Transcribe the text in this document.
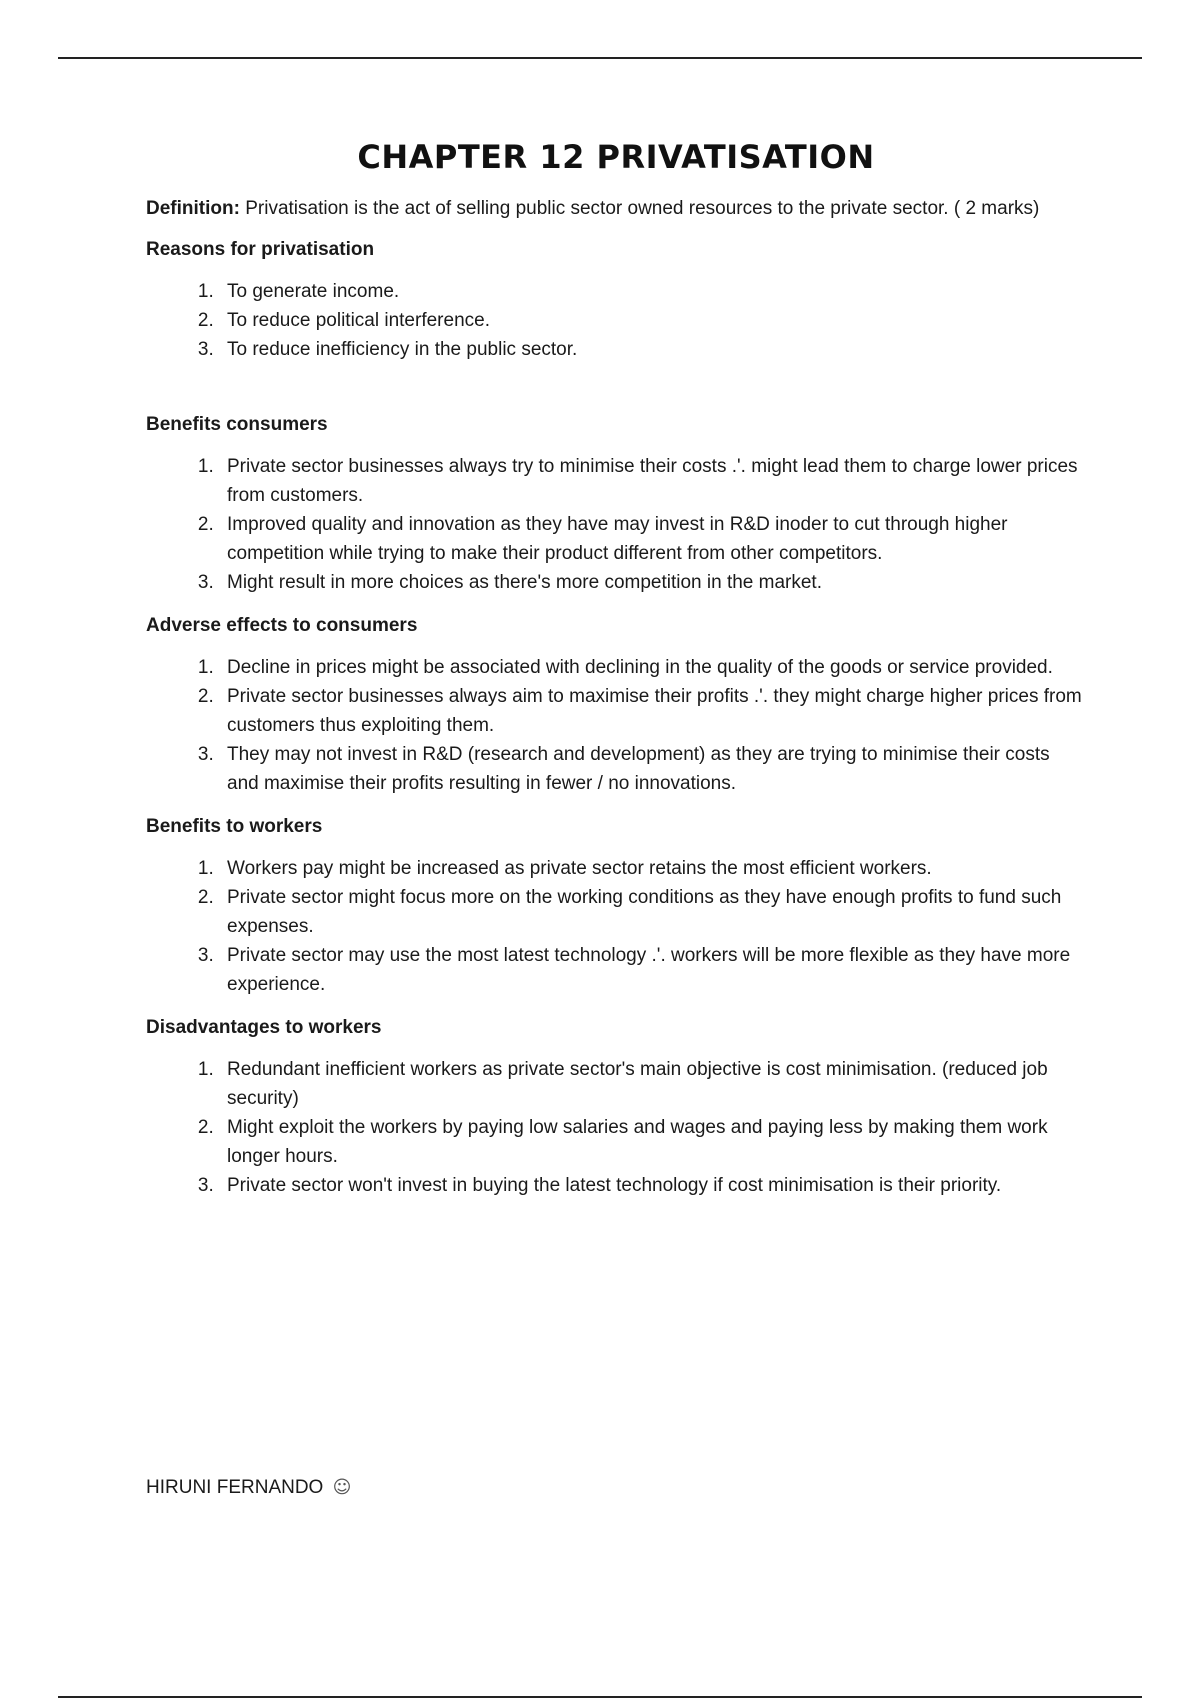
CHAPTER 12 PRIVATISATION

Definition: Privatisation is the act of selling public sector owned resources to the private sector. ( 2 marks)

Reasons for privatisation
1. To generate income.
2. To reduce political interference.
3. To reduce inefficiency in the public sector.
Benefits consumers
1. Private sector businesses always try to minimise their costs .'. might lead them to charge lower prices from customers.
2. Improved quality and innovation as they have may invest in R&D inoder to cut through higher competition while trying to make their product different from other competitors.
3. Might result in more choices as there's more competition in the market.
Adverse effects to consumers
1. Decline in prices might be associated with declining in the quality of the goods or service provided.
2. Private sector businesses always aim to maximise their profits .'. they might charge higher prices from customers thus exploiting them.
3. They may not invest in R&D (research and development) as they are trying to minimise their costs and maximise their profits resulting in fewer / no innovations.
Benefits to workers
1. Workers pay might be increased as private sector retains the most efficient workers.
2. Private sector might focus more on the working conditions as they have enough profits to fund such expenses.
3. Private sector may use the most latest technology .'. workers will be more flexible as they have more experience.
Disadvantages to workers
1. Redundant inefficient workers as private sector's main objective is cost minimisation. (reduced job security)
2. Might exploit the workers by paying low salaries and wages and paying less by making them work longer hours.
3. Private sector won't invest in buying the latest technology if cost minimisation is their priority.
HIRUNI FERNANDO ☺
